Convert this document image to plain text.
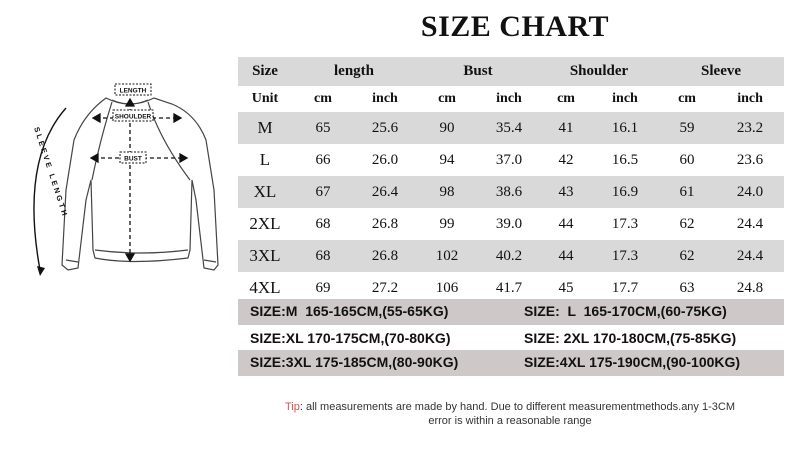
SIZE CHART
LENGTH
SHOULDER
BUST
SLEEVE LENGTH
Size	length		Bust		Shoulder		Sleeve	
Unit	cm	inch	cm	inch	cm	inch	cm	inch
M	65	25.6	90	35.4	41	16.1	59	23.2
L	66	26.0	94	37.0	42	16.5	60	23.6
XL	67	26.4	98	38.6	43	16.9	61	24.0
2XL	68	26.8	99	39.0	44	17.3	62	24.4
3XL	68	26.8	102	40.2	44	17.3	62	24.4
4XL	69	27.2	106	41.7	45	17.7	63	24.8
SIZE:M  165-165CM,(55-65KG)	SIZE:  L  165-170CM,(60-75KG)
SIZE:XL 170-175CM,(70-80KG)	SIZE: 2XL 170-180CM,(75-85KG)
SIZE:3XL 175-185CM,(80-90KG)	SIZE:4XL 175-190CM,(90-100KG)
Tip: all measurements are made by hand. Due to different measurementmethods.any 1-3CM
error is within a reasonable range
